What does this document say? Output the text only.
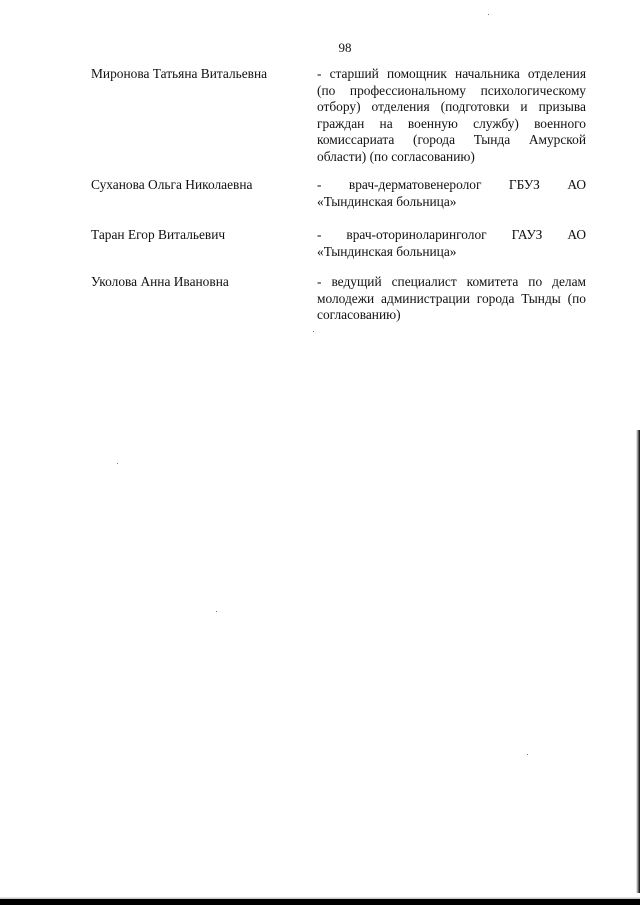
98
Миронова Татьяна Витальевна	- старший помощник начальника отделения (по профессиональному психологическому отбору) отделения (подготовки и призыва граждан на военную службу) военного комиссариата (города Тында Амурской области) (по согласованию)
Суханова Ольга Николаевна	- врач-дерматовенеролог ГБУЗ АО «Тындинская больница»
Таран Егор Витальевич	- врач-оториноларинголог ГАУЗ АО «Тындинская больница»
Уколова Анна Ивановна	- ведущий специалист комитета по делам молодежи администрации города Тынды (по согласованию)
